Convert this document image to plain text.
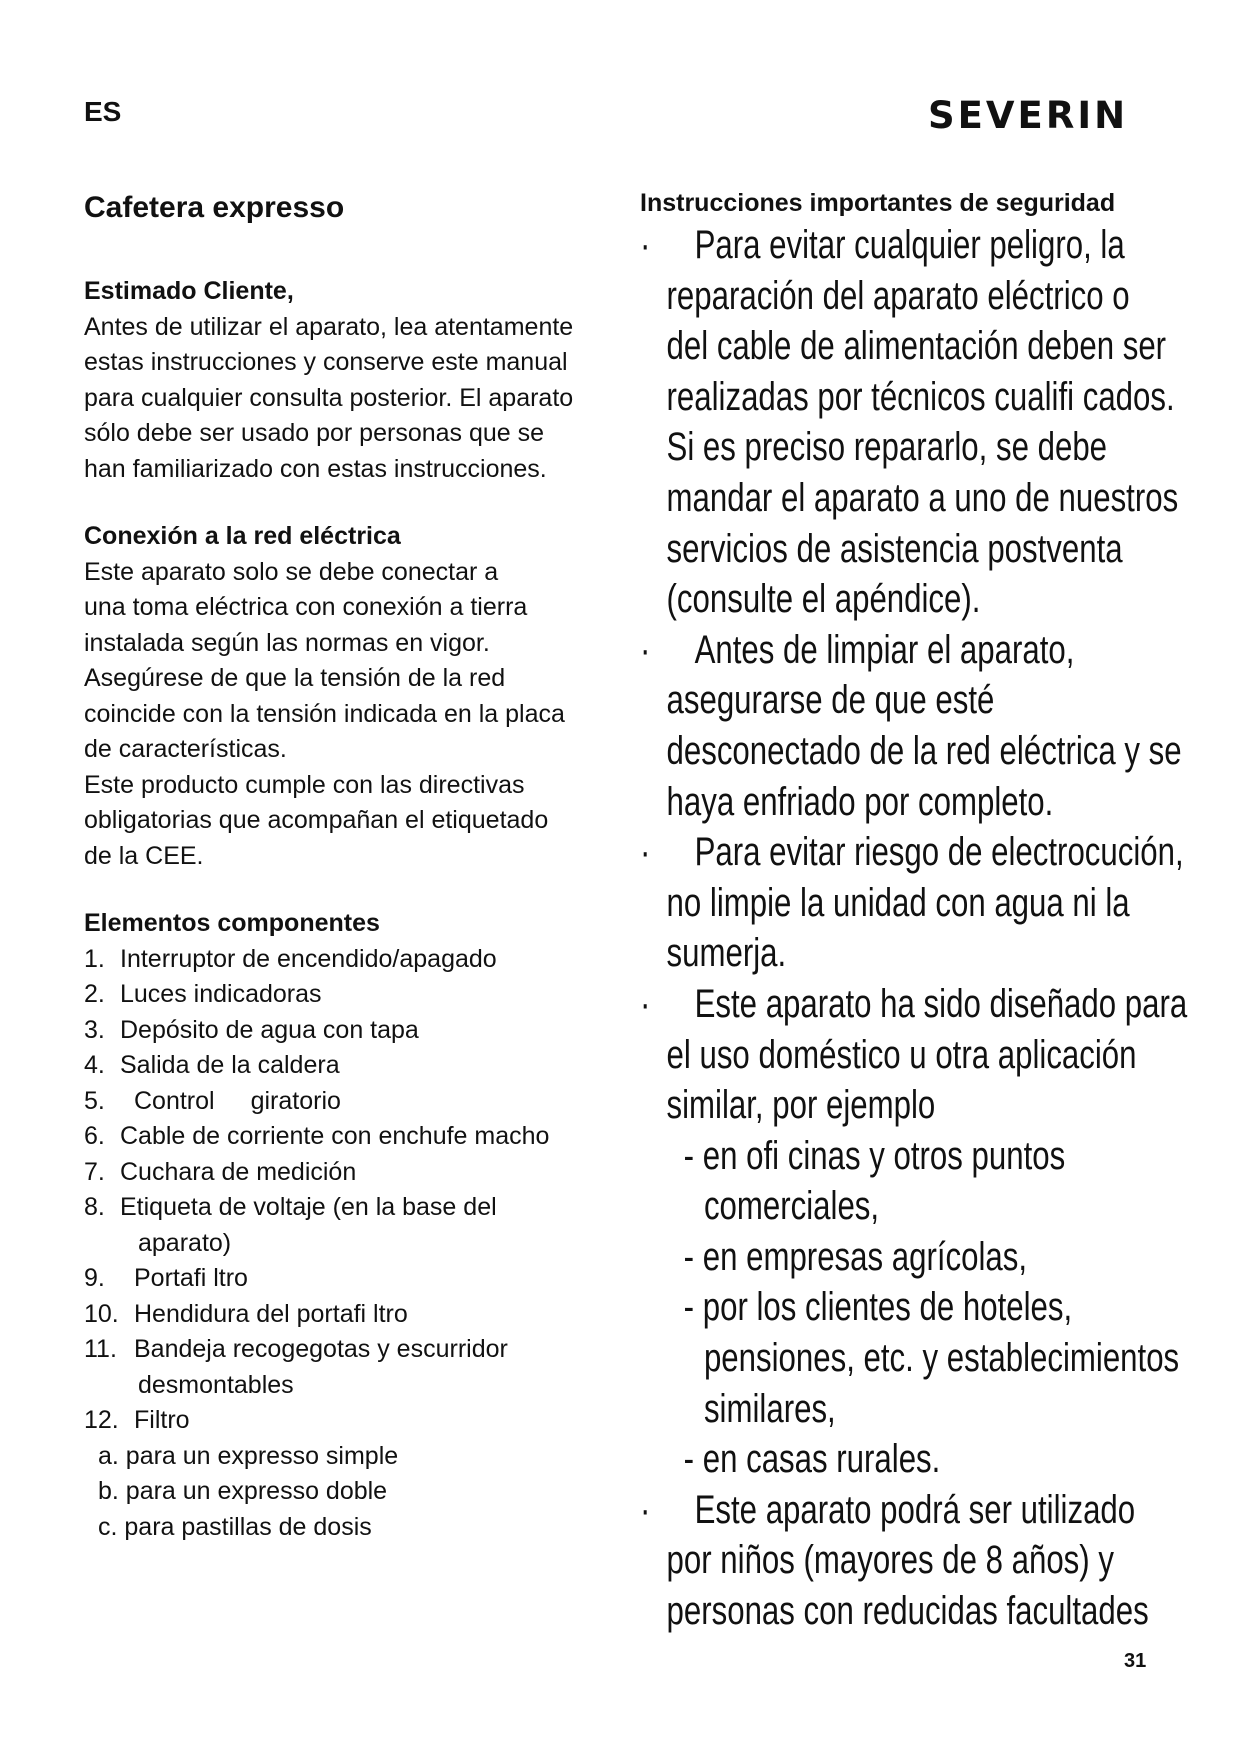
ES	SEVERIN
Cafetera expresso
Estimado Cliente,
Antes de utilizar el aparato, lea atentamente
estas instrucciones y conserve este manual
para cualquier consulta posterior. El aparato
sólo debe ser usado por personas que se
han familiarizado con estas instrucciones.
Conexión a la red eléctrica
Este aparato solo se debe conectar a
una toma eléctrica con conexión a tierra
instalada según las normas en vigor.
Asegúrese de que la tensión de la red
coincide con la tensión indicada en la placa
de características.
Este producto cumple con las directivas
obligatorias que acompañan el etiquetado
de la CEE.
Elementos componentes
1. Interruptor de encendido/apagado
2. Luces indicadoras
3. Depósito de agua con tapa
4. Salida de la caldera
5. Control giratorio
6. Cable de corriente con enchufe macho
7. Cuchara de medición
8. Etiqueta de voltaje (en la base del
aparato)
9. Portafi ltro
10. Hendidura del portafi ltro
11. Bandeja recogegotas y escurridor
desmontables
12. Filtro
a. para un expresso simple
b. para un expresso doble
c. para pastillas de dosis
Instrucciones importantes de seguridad
· Para evitar cualquier peligro, la
reparación del aparato eléctrico o
del cable de alimentación deben ser
realizadas por técnicos cualifi cados.
Si es preciso repararlo, se debe
mandar el aparato a uno de nuestros
servicios de asistencia postventa
(consulte el apéndice).
· Antes de limpiar el aparato,
asegurarse de que esté
desconectado de la red eléctrica y se
haya enfriado por completo.
· Para evitar riesgo de electrocución,
no limpie la unidad con agua ni la
sumerja.
· Este aparato ha sido diseñado para
el uso doméstico u otra aplicación
similar, por ejemplo
- en ofi cinas y otros puntos
comerciales,
- en empresas agrícolas,
- por los clientes de hoteles,
pensiones, etc. y establecimientos
similares,
- en casas rurales.
· Este aparato podrá ser utilizado
por niños (mayores de 8 años) y
personas con reducidas facultades
31
